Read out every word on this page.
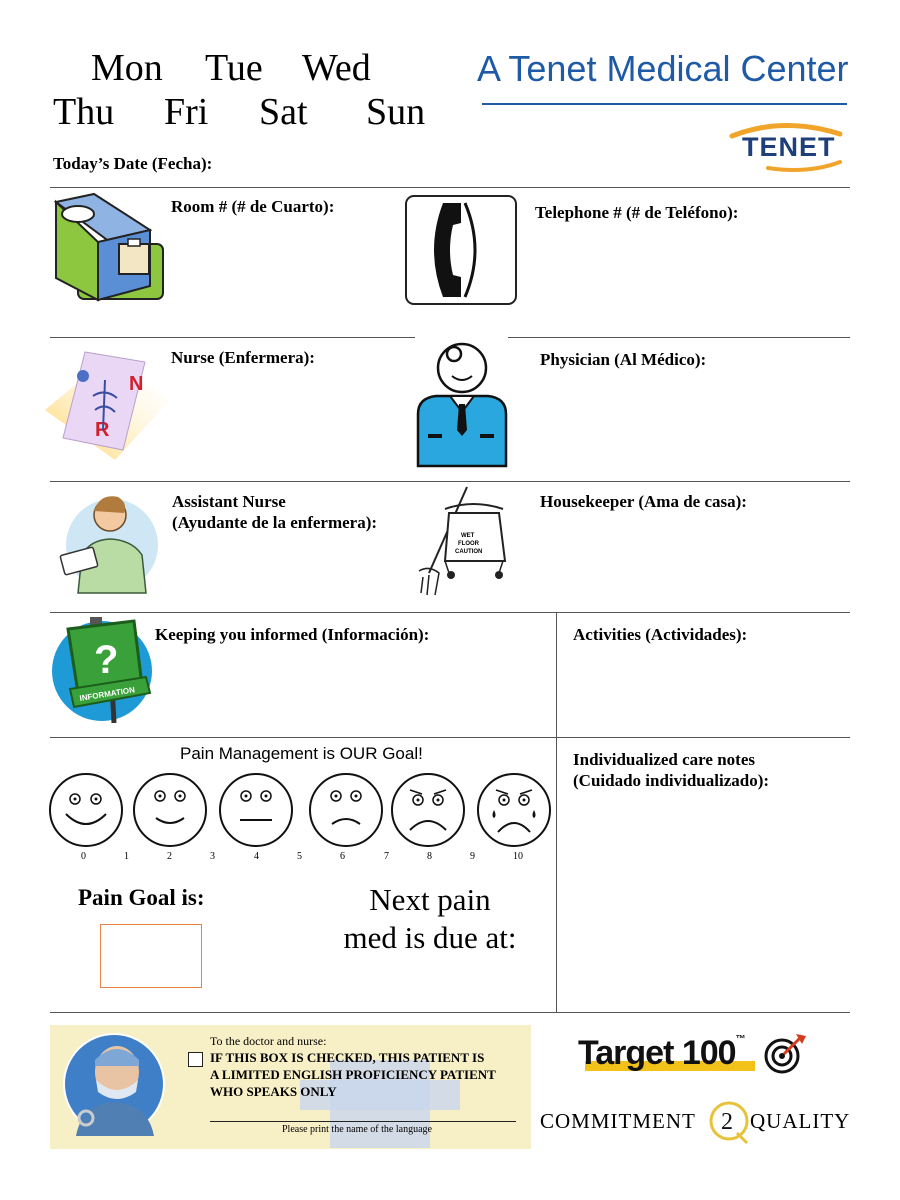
Mon Tue Wed
Thu Fri Sat Sun
A Tenet Medical Center
TENET
Today’s Date (Fecha):
Room # (# de Cuarto):	Telephone # (# de Teléfono):
N
R
Nurse (Enfermera):	Physician (Al Médico):
Assistant Nurse
(Ayudante de la enfermera):
WET
FLOOR
CAUTION
Housekeeper (Ama de casa):
?
INFORMATION
Keeping you informed (Información):	Activities (Actividades):
Pain Management is OUR Goal!
0	1	2	3	4	5	6	7	8	9	10
Pain Goal is:	Next pain
med is due at:
Individualized care notes
(Cuidado individualizado):
To the doctor and nurse:
IF THIS BOX IS CHECKED, THIS PATIENT IS
A LIMITED ENGLISH PROFICIENCY PATIENT
WHO SPEAKS ONLY
Please print the name of the language
Target 100™
COMMITMENT 2 QUALITY
